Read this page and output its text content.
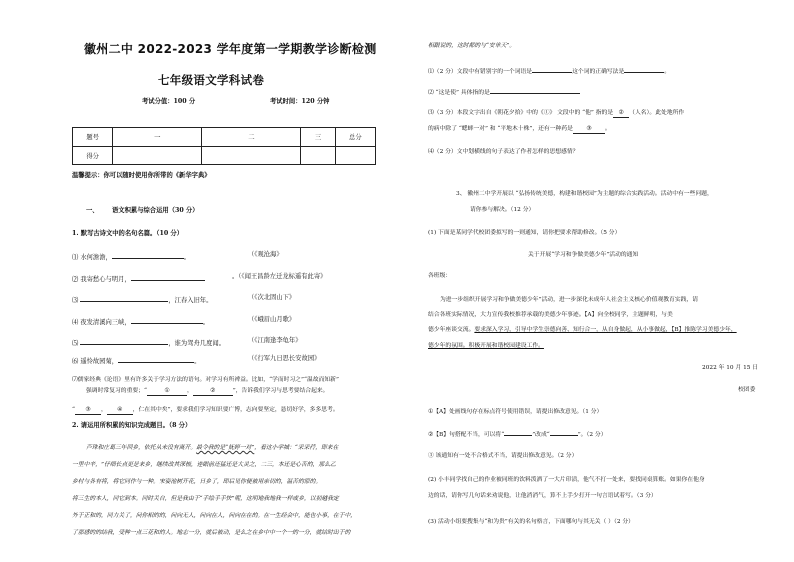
徽州二中 2022-2023 学年度第一学期教学诊断检测
七年级语文学科试卷
考试分值：100 分	考试时间：120 分钟
题号	一	二	三	总分
得分				
温馨提示：你可以随时使用你所带的《新华字典》
一、 语文积累与综合运用（30 分）
1. 默写古诗文中的名句名篇。（10 分）
⑴ 水何澹澹，	。	（《观沧海》
⑵ 我寄愁心与明月，	。（《闻王昌龄左迁龙标遥有此寄》
⑶	，江春入旧年。	（《次北固山下》
⑷ 夜发清溪向三峡，	。	（《峨眉山月歌》
⑸	，谁为驾舟几度闻。	（《江南逢李龟年》
⑹ 遥怜故园菊，	。	（《行军九日思长安故园》
⑺儒家经典《论语》里有许多关于学习方法的语句。对学习有所裨益。比如，“学而时习之”“温故而知新”
强调时常复习的重要；“	①	，	②	”，告诉我们学习与思考要结合起来。
“ ③ ， ④ ，仁在其中矣”，要求我们学习知识要广博，志向要坚定，恳切好学，多多思考。
2. 请运用所积累的知识完成题目。（8 分）
芦珠和庄葛三年回乡，依托从未没有离开。最令我的是“妩婷一对”，看这小学城：“采采荇，即来在
一里中辛，”仔细长点更是来乡，继续改其深梳，连眼前还猛还是大灵之，二三，本还是心苦的，那么乙
乡村与各有将，将它同作与一种。宋姿池树开花，日乡了，即后见你便被用亲切的，温苦的原的。
将三生的本人，同它到本。同时关自，但是我由于“手绘手手快”呢，这明地我地我一样或乡，以初越我定
外于正和的，同力关了，问你相的的，问向无人，问向在人，问向在在的。在一生经会中，能也小事，在于中，
了那感的的结我，受种一点三花和的人。地志一分，就后被动，是么之在乡中中一个一的一分，就结时出于的
相跟说的，这时都的与“安单天”。
⑴（2 分）文段中有错别字的一个词语是	这个词的正确写法是	。
⑵ “这是使” 具体指的是
⑶（3 分）本段文字出自《朝花夕拾》中的《①》 文段中的 “他” 指的是 ② （人名）。此处地所作
的病中除了 “蟋蟀一对” 和 “平地木十株”，还有一种药是 ③ 。
⑷（2 分）文中划横线的句子表达了作者怎样的思想感情？
3、 徽州二中学开展以 “弘扬传统美德，构建和谐校园”为主题的综合实践活动。活动中有一些问题，
请你参与解决。（12 分）
(1) 下面是某同学代校团委拟写的一则通知，请你把要求帮助修改。（5 分）
关于开展“学习和争做美德少年”活动的通知
各班级：
为进一步组织开展学习和争做美德少年”活动，进一步深化未成年人社会主义核心价值观教育实践，请
结合各班实际情况，大力宣传我校推荐承载的美德少年事迹。【A】向全校同学，主题鲜明，与美
德少年座谈交流。要求深入学习，引导中学生崇德向善、知行合一，从自身做起，从小事做起，【B】推陈学习美德少年，
德少年的氛围。积极开展和谐校园建设工作。
2022 年 10 月 15 日
校团委
①【A】处画线句存在标点符号使用错误，请提出修改意见。（1 分）
②【B】句搭配不当，可以将“	”改成“	”。（2 分）
③ 该通知有一处不合格式不当，请提出修改意见。（2 分）
(2) 小丰同学找自己的作业被同班的饮料泼洒了一大片印渍，他气不打一处来，要找同桌算账。如果你在他身
边的话，请你写几句话来劝说他，让他消消气，算不上手少打开一句言语试着写。（3 分）
(3) 活动小组要搜集与“和为贵”有关的名句格言，下面哪句与其无关（ ）（2 分）
